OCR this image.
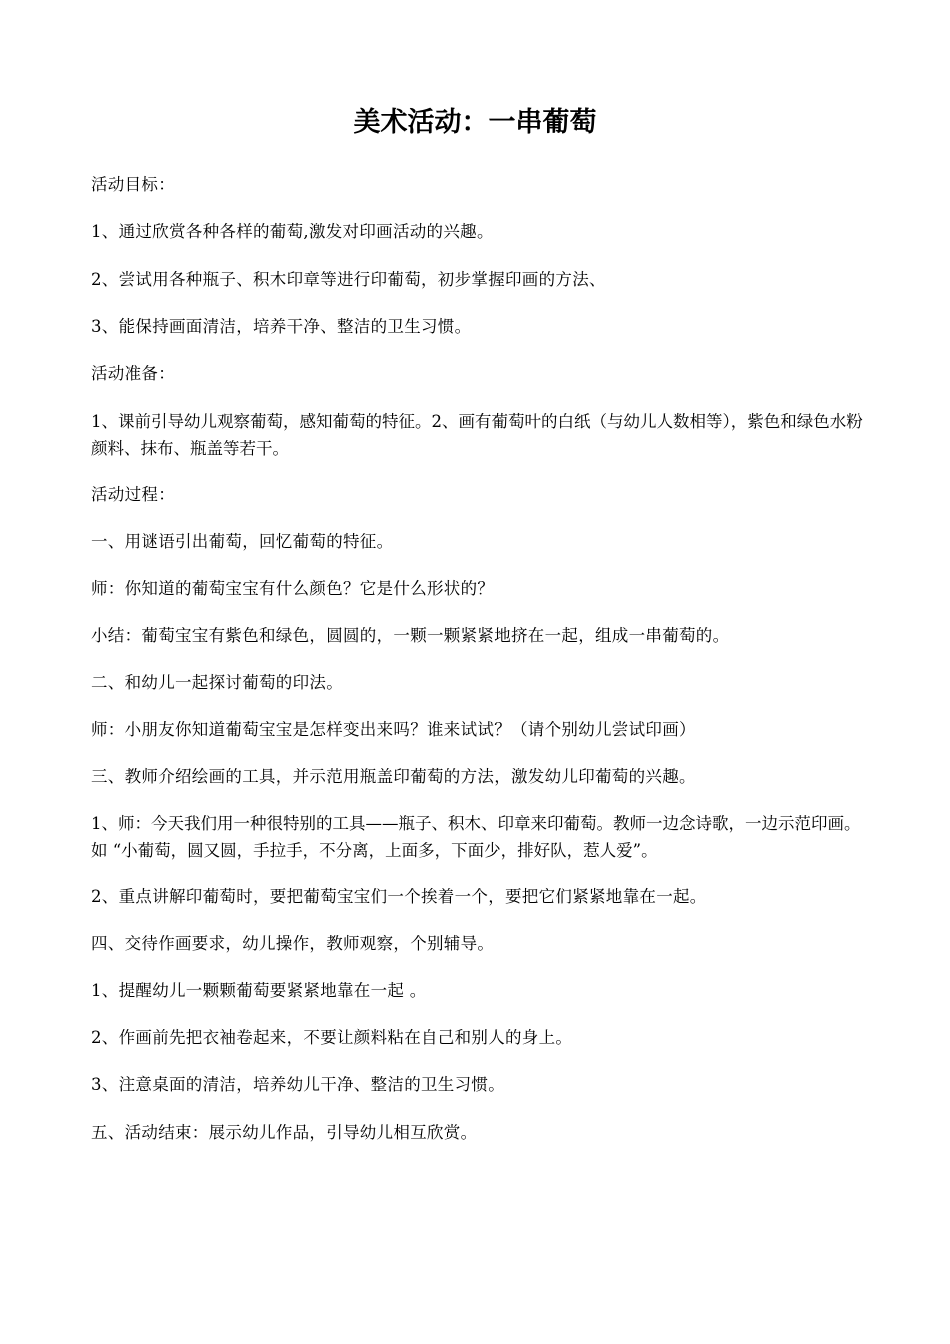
美术活动：一串葡萄

活动目标：

1、通过欣赏各种各样的葡萄,激发对印画活动的兴趣。

2、尝试用各种瓶子、积木印章等进行印葡萄，初步掌握印画的方法、

3、能保持画面清洁，培养干净、整洁的卫生习惯。

活动准备：

1、课前引导幼儿观察葡萄，感知葡萄的特征。2、画有葡萄叶的白纸（与幼儿人数相等），紫色和绿色水粉颜料、抹布、瓶盖等若干。

活动过程：

一、用谜语引出葡萄，回忆葡萄的特征。

师：你知道的葡萄宝宝有什么颜色？它是什么形状的？

小结：葡萄宝宝有紫色和绿色，圆圆的，一颗一颗紧紧地挤在一起，组成一串葡萄的。

二、和幼儿一起探讨葡萄的印法。

师：小朋友你知道葡萄宝宝是怎样变出来吗？谁来试试？（请个别幼儿尝试印画）

三、教师介绍绘画的工具，并示范用瓶盖印葡萄的方法，激发幼儿印葡萄的兴趣。

1、师：今天我们用一种很特别的工具——瓶子、积木、印章来印葡萄。教师一边念诗歌，一边示范印画。如 “小葡萄，圆又圆，手拉手，不分离，上面多，下面少，排好队，惹人爱”。

2、重点讲解印葡萄时，要把葡萄宝宝们一个挨着一个，要把它们紧紧地靠在一起。

四、交待作画要求，幼儿操作，教师观察，个别辅导。

1、提醒幼儿一颗颗葡萄要紧紧地靠在一起 。

2、作画前先把衣袖卷起来，不要让颜料粘在自己和别人的身上。

3、注意桌面的清洁，培养幼儿干净、整洁的卫生习惯。

五、活动结束：展示幼儿作品，引导幼儿相互欣赏。
